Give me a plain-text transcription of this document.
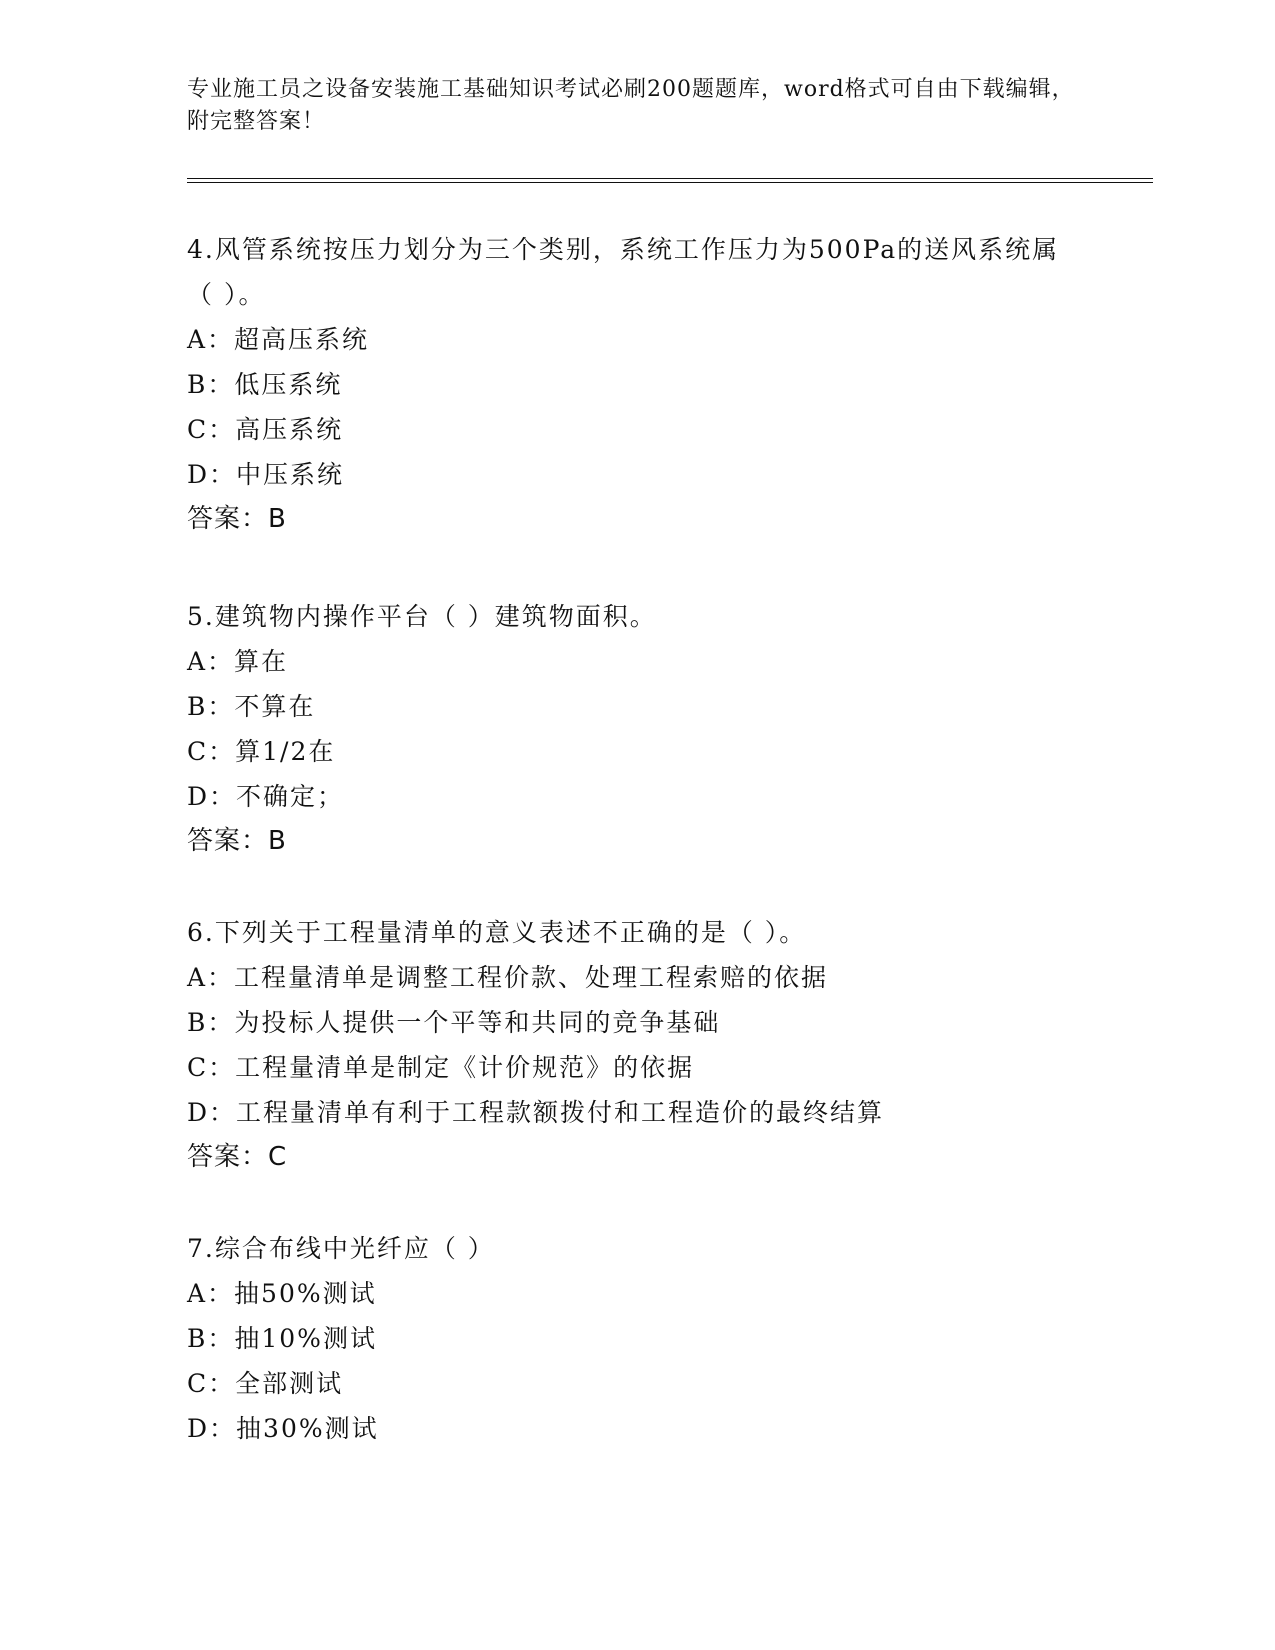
专业施工员之设备安装施工基础知识考试必刷200题题库，word格式可自由下载编辑，附完整答案！
4.风管系统按压力划分为三个类别，系统工作压力为500Pa的送风系统属（ ）。
A：超高压系统
B：低压系统
C：高压系统
D：中压系统
答案：B
5.建筑物内操作平台（ ）建筑物面积。
A：算在
B：不算在
C：算1/2在
D：不确定；
答案：B
6.下列关于工程量清单的意义表述不正确的是（ ）。
A：工程量清单是调整工程价款、处理工程索赔的依据
B：为投标人提供一个平等和共同的竞争基础
C：工程量清单是制定《计价规范》的依据
D：工程量清单有利于工程款额拨付和工程造价的最终结算
答案：C
7.综合布线中光纤应（ ）
A：抽50%测试
B：抽10%测试
C：全部测试
D：抽30%测试
